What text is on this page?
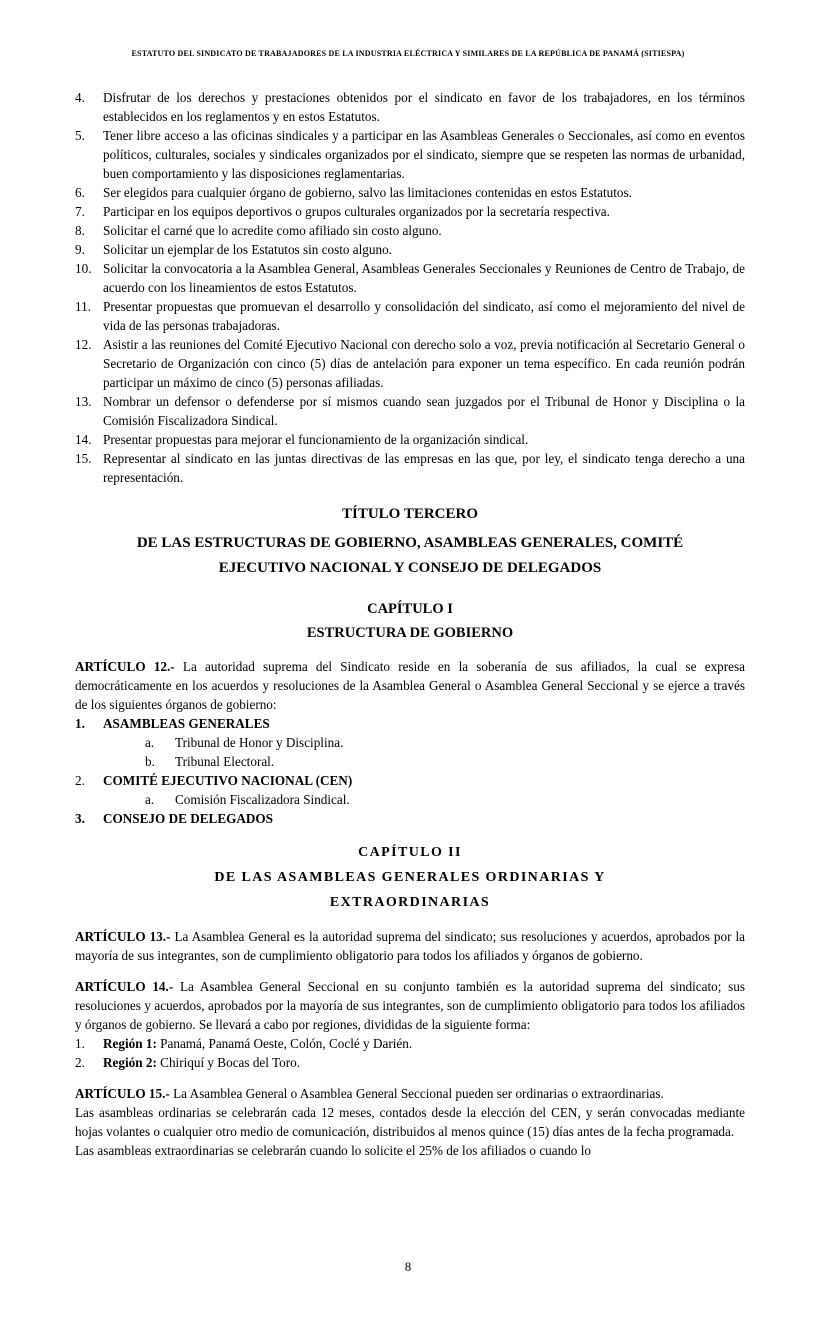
ESTATUTO DEL SINDICATO DE TRABAJADORES DE LA INDUSTRIA ELÉCTRICA Y SIMILARES DE LA REPÚBLICA DE PANAMÁ (SITIESPA)
4. Disfrutar de los derechos y prestaciones obtenidos por el sindicato en favor de los trabajadores, en los términos establecidos en los reglamentos y en estos Estatutos.
5. Tener libre acceso a las oficinas sindicales y a participar en las Asambleas Generales o Seccionales, así como en eventos políticos, culturales, sociales y sindicales organizados por el sindicato, siempre que se respeten las normas de urbanidad, buen comportamiento y las disposiciones reglamentarias.
6. Ser elegidos para cualquier órgano de gobierno, salvo las limitaciones contenidas en estos Estatutos.
7. Participar en los equipos deportivos o grupos culturales organizados por la secretaría respectiva.
8. Solicitar el carné que lo acredite como afiliado sin costo alguno.
9. Solicitar un ejemplar de los Estatutos sin costo alguno.
10. Solicitar la convocatoria a la Asamblea General, Asambleas Generales Seccionales y Reuniones de Centro de Trabajo, de acuerdo con los lineamientos de estos Estatutos.
11. Presentar propuestas que promuevan el desarrollo y consolidación del sindicato, así como el mejoramiento del nivel de vida de las personas trabajadoras.
12. Asistir a las reuniones del Comité Ejecutivo Nacional con derecho solo a voz, previa notificación al Secretario General o Secretario de Organización con cinco (5) días de antelación para exponer un tema específico. En cada reunión podrán participar un máximo de cinco (5) personas afiliadas.
13. Nombrar un defensor o defenderse por sí mismos cuando sean juzgados por el Tribunal de Honor y Disciplina o la Comisión Fiscalizadora Sindical.
14. Presentar propuestas para mejorar el funcionamiento de la organización sindical.
15. Representar al sindicato en las juntas directivas de las empresas en las que, por ley, el sindicato tenga derecho a una representación.
TÍTULO TERCERO
DE LAS ESTRUCTURAS DE GOBIERNO, ASAMBLEAS GENERALES, COMITÉ EJECUTIVO NACIONAL Y CONSEJO DE DELEGADOS
CAPÍTULO I
ESTRUCTURA DE GOBIERNO
ARTÍCULO 12.- La autoridad suprema del Sindicato reside en la soberanía de sus afiliados, la cual se expresa democráticamente en los acuerdos y resoluciones de la Asamblea General o Asamblea General Seccional y se ejerce a través de los siguientes órganos de gobierno:
1. ASAMBLEAS GENERALES
a. Tribunal de Honor y Disciplina.
b. Tribunal Electoral.
2. COMITÉ EJECUTIVO NACIONAL (CEN)
a. Comisión Fiscalizadora Sindical.
3. CONSEJO DE DELEGADOS
CAPÍTULO II
DE LAS ASAMBLEAS GENERALES ORDINARIAS Y
EXTRAORDINARIAS
ARTÍCULO 13.- La Asamblea General es la autoridad suprema del sindicato; sus resoluciones y acuerdos, aprobados por la mayoría de sus integrantes, son de cumplimiento obligatorio para todos los afiliados y órganos de gobierno.
ARTÍCULO 14.- La Asamblea General Seccional en su conjunto también es la autoridad suprema del sindicato; sus resoluciones y acuerdos, aprobados por la mayoría de sus integrantes, son de cumplimiento obligatorio para todos los afiliados y órganos de gobierno. Se llevará a cabo por regiones, divididas de la siguiente forma:
1. Región 1: Panamá, Panamá Oeste, Colón, Coclé y Darién.
2. Región 2: Chiriquí y Bocas del Toro.
ARTÍCULO 15.- La Asamblea General o Asamblea General Seccional pueden ser ordinarias o extraordinarias.
Las asambleas ordinarias se celebrarán cada 12 meses, contados desde la elección del CEN, y serán convocadas mediante hojas volantes o cualquier otro medio de comunicación, distribuidos al menos quince (15) días antes de la fecha programada.
Las asambleas extraordinarias se celebrarán cuando lo solicite el 25% de los afiliados o cuando lo
8
